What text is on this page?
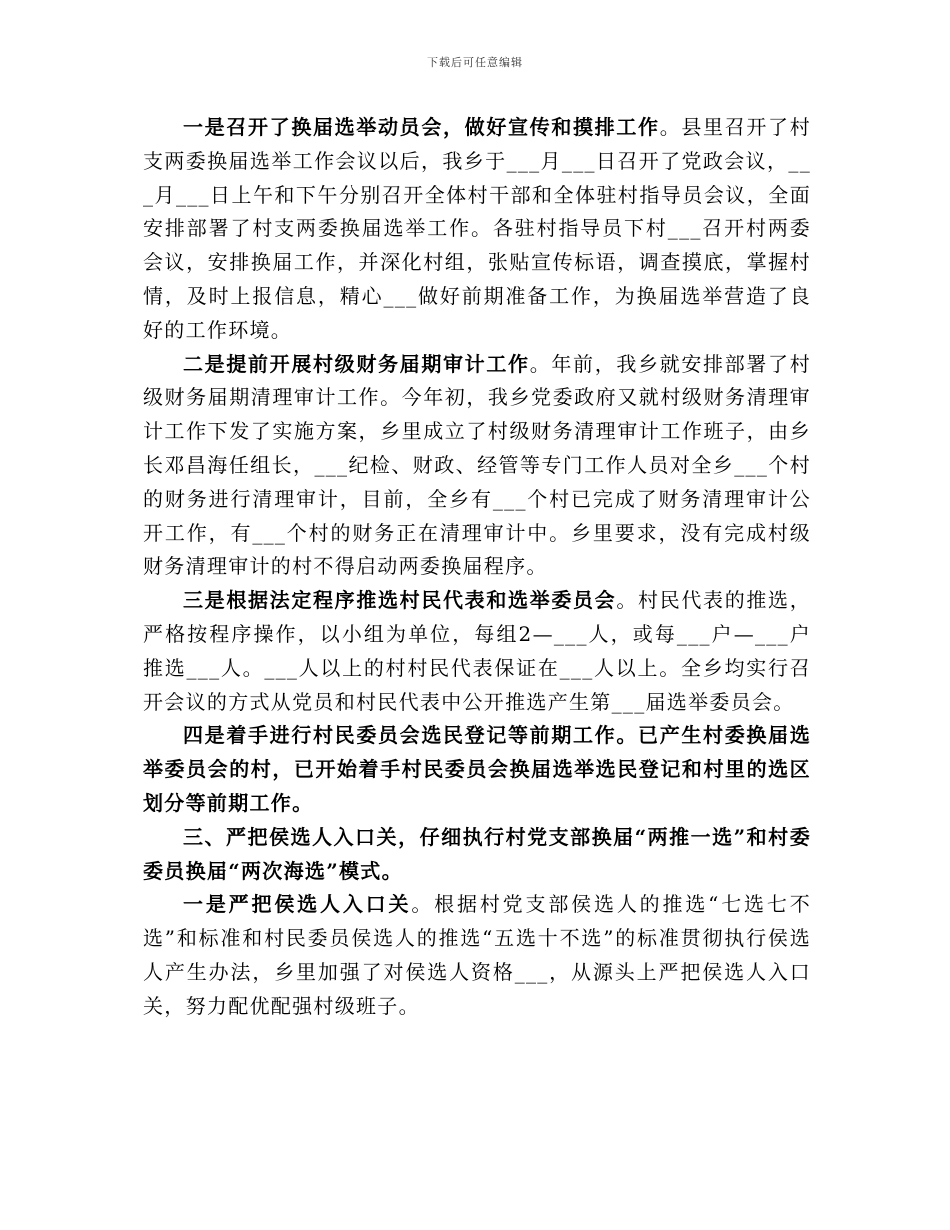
下载后可任意编辑

一是召开了换届选举动员会，做好宣传和摸排工作。县里召开了村支两委换届选举工作会议以后，我乡于___月___日召开了党政会议，___月___日上午和下午分别召开全体村干部和全体驻村指导员会议，全面安排部署了村支两委换届选举工作。各驻村指导员下村___召开村两委会议，安排换届工作，并深化村组，张贴宣传标语，调查摸底，掌握村情，及时上报信息，精心___做好前期准备工作，为换届选举营造了良好的工作环境。

二是提前开展村级财务届期审计工作。年前，我乡就安排部署了村级财务届期清理审计工作。今年初，我乡党委政府又就村级财务清理审计工作下发了实施方案，乡里成立了村级财务清理审计工作班子，由乡长邓昌海任组长，___纪检、财政、经管等专门工作人员对全乡___个村的财务进行清理审计，目前，全乡有___个村已完成了财务清理审计公开工作，有___个村的财务正在清理审计中。乡里要求，没有完成村级财务清理审计的村不得启动两委换届程序。

三是根据法定程序推选村民代表和选举委员会。村民代表的推选，严格按程序操作，以小组为单位，每组2—___人，或每___户—___户推选___人。___人以上的村村民代表保证在___人以上。全乡均实行召开会议的方式从党员和村民代表中公开推选产生第___届选举委员会。

四是着手进行村民委员会选民登记等前期工作。已产生村委换届选举委员会的村，已开始着手村民委员会换届选举选民登记和村里的选区划分等前期工作。

三、严把侯选人入口关，仔细执行村党支部换届“两推一选”和村委委员换届“两次海选”模式。

一是严把侯选人入口关。根据村党支部侯选人的推选“七选七不选”和标准和村民委员侯选人的推选“五选十不选”的标准贯彻执行侯选人产生办法，乡里加强了对侯选人资格___，从源头上严把侯选人入口关，努力配优配强村级班子。
